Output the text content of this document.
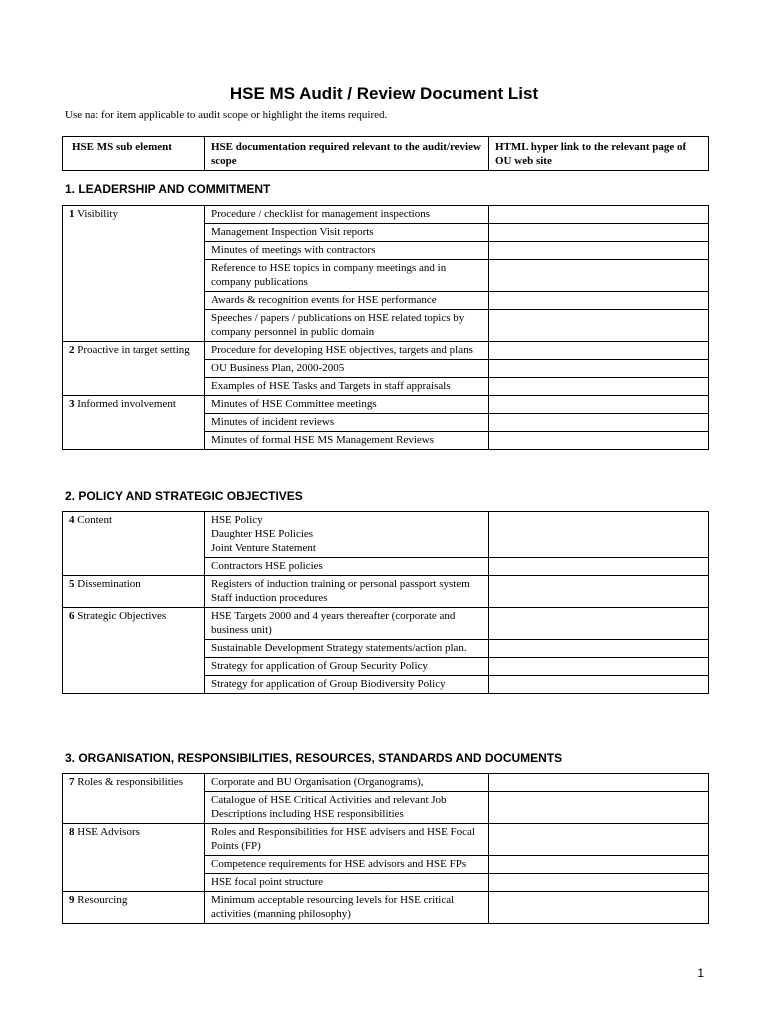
HSE MS Audit / Review Document List
Use na: for item applicable to audit scope or highlight the items required.
HSE MS sub element	HSE documentation required relevant to the audit/review scope	HTML hyper link to the relevant page of OU web site
1. LEADERSHIP AND COMMITMENT
1 Visibility	Procedure / checklist for management inspections	
	Management Inspection Visit reports	
	Minutes of meetings with contractors	
	Reference to HSE topics in company meetings and in company publications	
	Awards & recognition events for HSE performance	
	Speeches / papers / publications on HSE related topics by company personnel in public domain	
2 Proactive in target setting	Procedure for developing HSE objectives, targets and plans	
	OU Business Plan, 2000-2005	
	Examples of HSE Tasks and Targets in staff appraisals	
3 Informed involvement	Minutes of HSE Committee meetings	
	Minutes of incident reviews	
	Minutes of formal HSE MS Management Reviews	
2. POLICY AND STRATEGIC OBJECTIVES
4 Content	HSE Policy
Daughter HSE Policies
Joint Venture Statement	
	Contractors HSE policies	
5 Dissemination	Registers of induction training or personal passport system
Staff induction procedures	
6 Strategic Objectives	HSE Targets 2000 and 4 years thereafter (corporate and business unit)	
	Sustainable Development Strategy statements/action plan.	
	Strategy for application of Group Security Policy	
	Strategy for application of Group Biodiversity Policy	
3. ORGANISATION, RESPONSIBILITIES, RESOURCES, STANDARDS AND DOCUMENTS
7 Roles & responsibilities	Corporate and BU Organisation (Organograms),	
	Catalogue of HSE Critical Activities and relevant Job Descriptions including HSE responsibilities	
8 HSE Advisors	Roles and Responsibilities for HSE advisers and HSE Focal Points (FP)	
	Competence requirements for HSE advisors and HSE FPs	
	HSE focal point structure	
9 Resourcing	Minimum acceptable resourcing levels for HSE critical activities (manning philosophy)	
1
